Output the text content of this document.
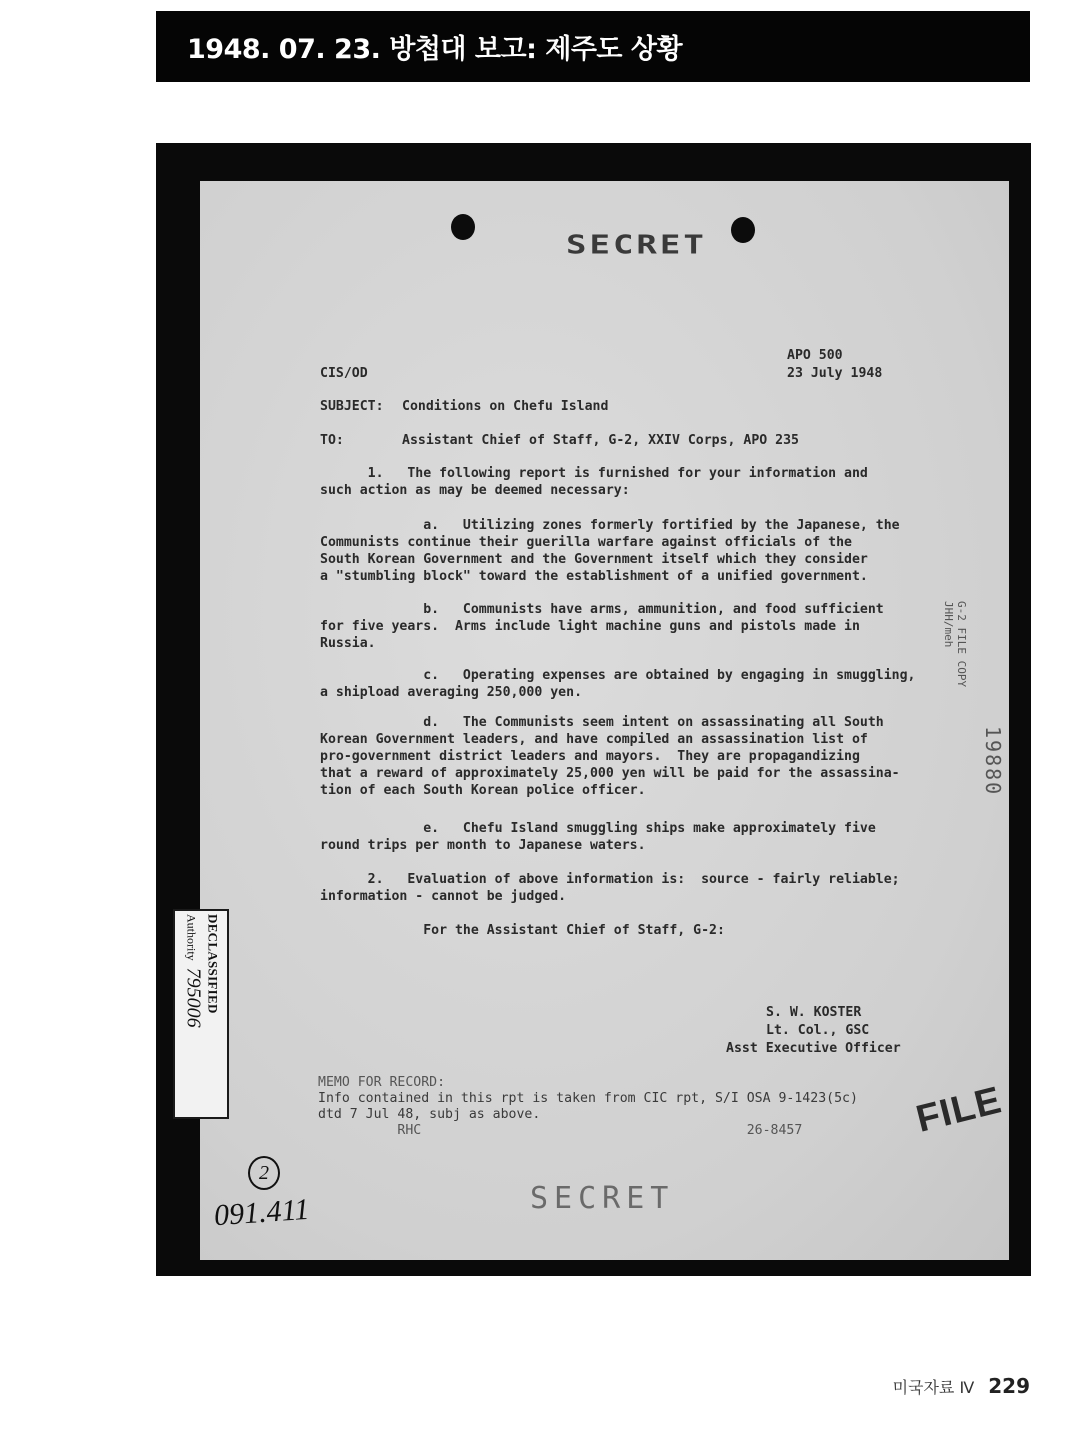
1948. 07. 23. 방첩대 보고: 제주도 상황
SECRET
APO 500
23 July 1948
CIS/OD
SUBJECT: Conditions on Chefu Island
TO:	Assistant Chief of Staff, G-2, XXIV Corps, APO 235
1.   The following report is furnished for your information and
such action as may be deemed necessary:
a.   Utilizing zones formerly fortified by the Japanese, the
Communists continue their guerilla warfare against officials of the
South Korean Government and the Government itself which they consider
a "stumbling block" toward the establishment of a unified government.
b.   Communists have arms, ammunition, and food sufficient
for five years.  Arms include light machine guns and pistols made in
Russia.
c.   Operating expenses are obtained by engaging in smuggling,
a shipload averaging 250,000 yen.
d.   The Communists seem intent on assassinating all South
Korean Government leaders, and have compiled an assassination list of
pro-government district leaders and mayors.  They are propagandizing
that a reward of approximately 25,000 yen will be paid for the assassina-
tion of each South Korean police officer.
e.   Chefu Island smuggling ships make approximately five
round trips per month to Japanese waters.
2.   Evaluation of above information is:  source - fairly reliable;
information - cannot be judged.
For the Assistant Chief of Staff, G-2:
S. W. KOSTER
Lt. Col., GSC
Asst Executive Officer
MEMO FOR RECORD:
Info contained in this rpt is taken from CIC rpt, S/I OSA 9-1423(5c)
dtd 7 Jul 48, subj as above.
RHC                                         26-8457
SECRET
G-2 FILE COPY
JHH/meh
19880
FILE
2
091.411
DECLASSIFIED
Authority 795006
미국자료 Ⅳ 229
